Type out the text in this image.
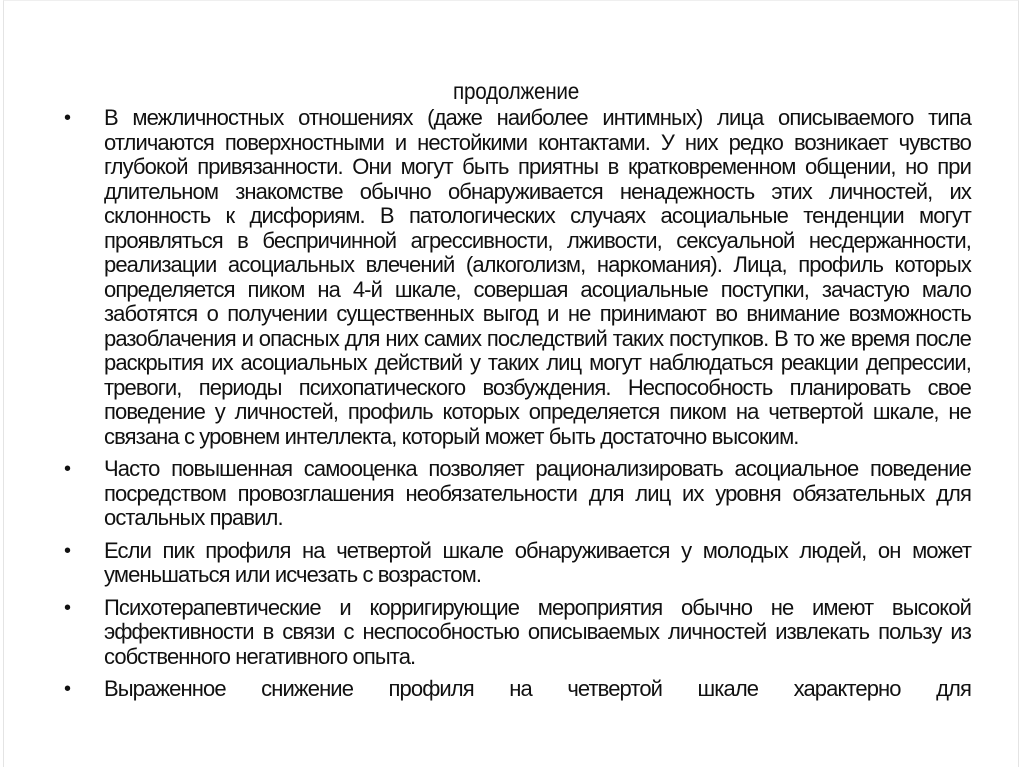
продолжение
• В межличностных отношениях (даже наиболее интимных) лица описываемого типа отличаются поверхностными и нестойкими контактами. У них редко возникает чувство глубокой привязанности. Они могут быть приятны в кратковременном общении, но при длительном знакомстве обычно обнаруживается ненадежность этих личностей, их склонность к дисфориям. В патологических случаях асоциальные тенденции могут проявляться в беспричинной агрессивности, лживости, сексуальной несдержанности, реализации асоциальных влечений (алкоголизм, наркомания). Лица, профиль которых определяется пиком на 4-й шкале, совершая асоциальные поступки, зачастую мало заботятся о получении существенных выгод и не принимают во внимание возможность разоблачения и опасных для них самих последствий таких поступков. В то же время после раскрытия их асоциальных действий у таких лиц могут наблюдаться реакции депрессии, тревоги, периоды психопатического возбуждения. Неспособность планировать свое поведение у личностей, профиль которых определяется пиком на четвертой шкале, не связана с уровнем интеллекта, который может быть достаточно высоким.
• Часто повышенная самооценка позволяет рационализировать асоциальное поведение посредством провозглашения необязательности для лиц их уровня обязательных для остальных правил.
• Если пик профиля на четвертой шкале обнаруживается у молодых людей, он может уменьшаться или исчезать с возрастом.
• Психотерапевтические и корригирующие мероприятия обычно не имеют высокой эффективности в связи с неспособностью описываемых личностей извлекать пользу из собственного негативного опыта.
• Выраженное снижение профиля на четвертой шкале характерно для
